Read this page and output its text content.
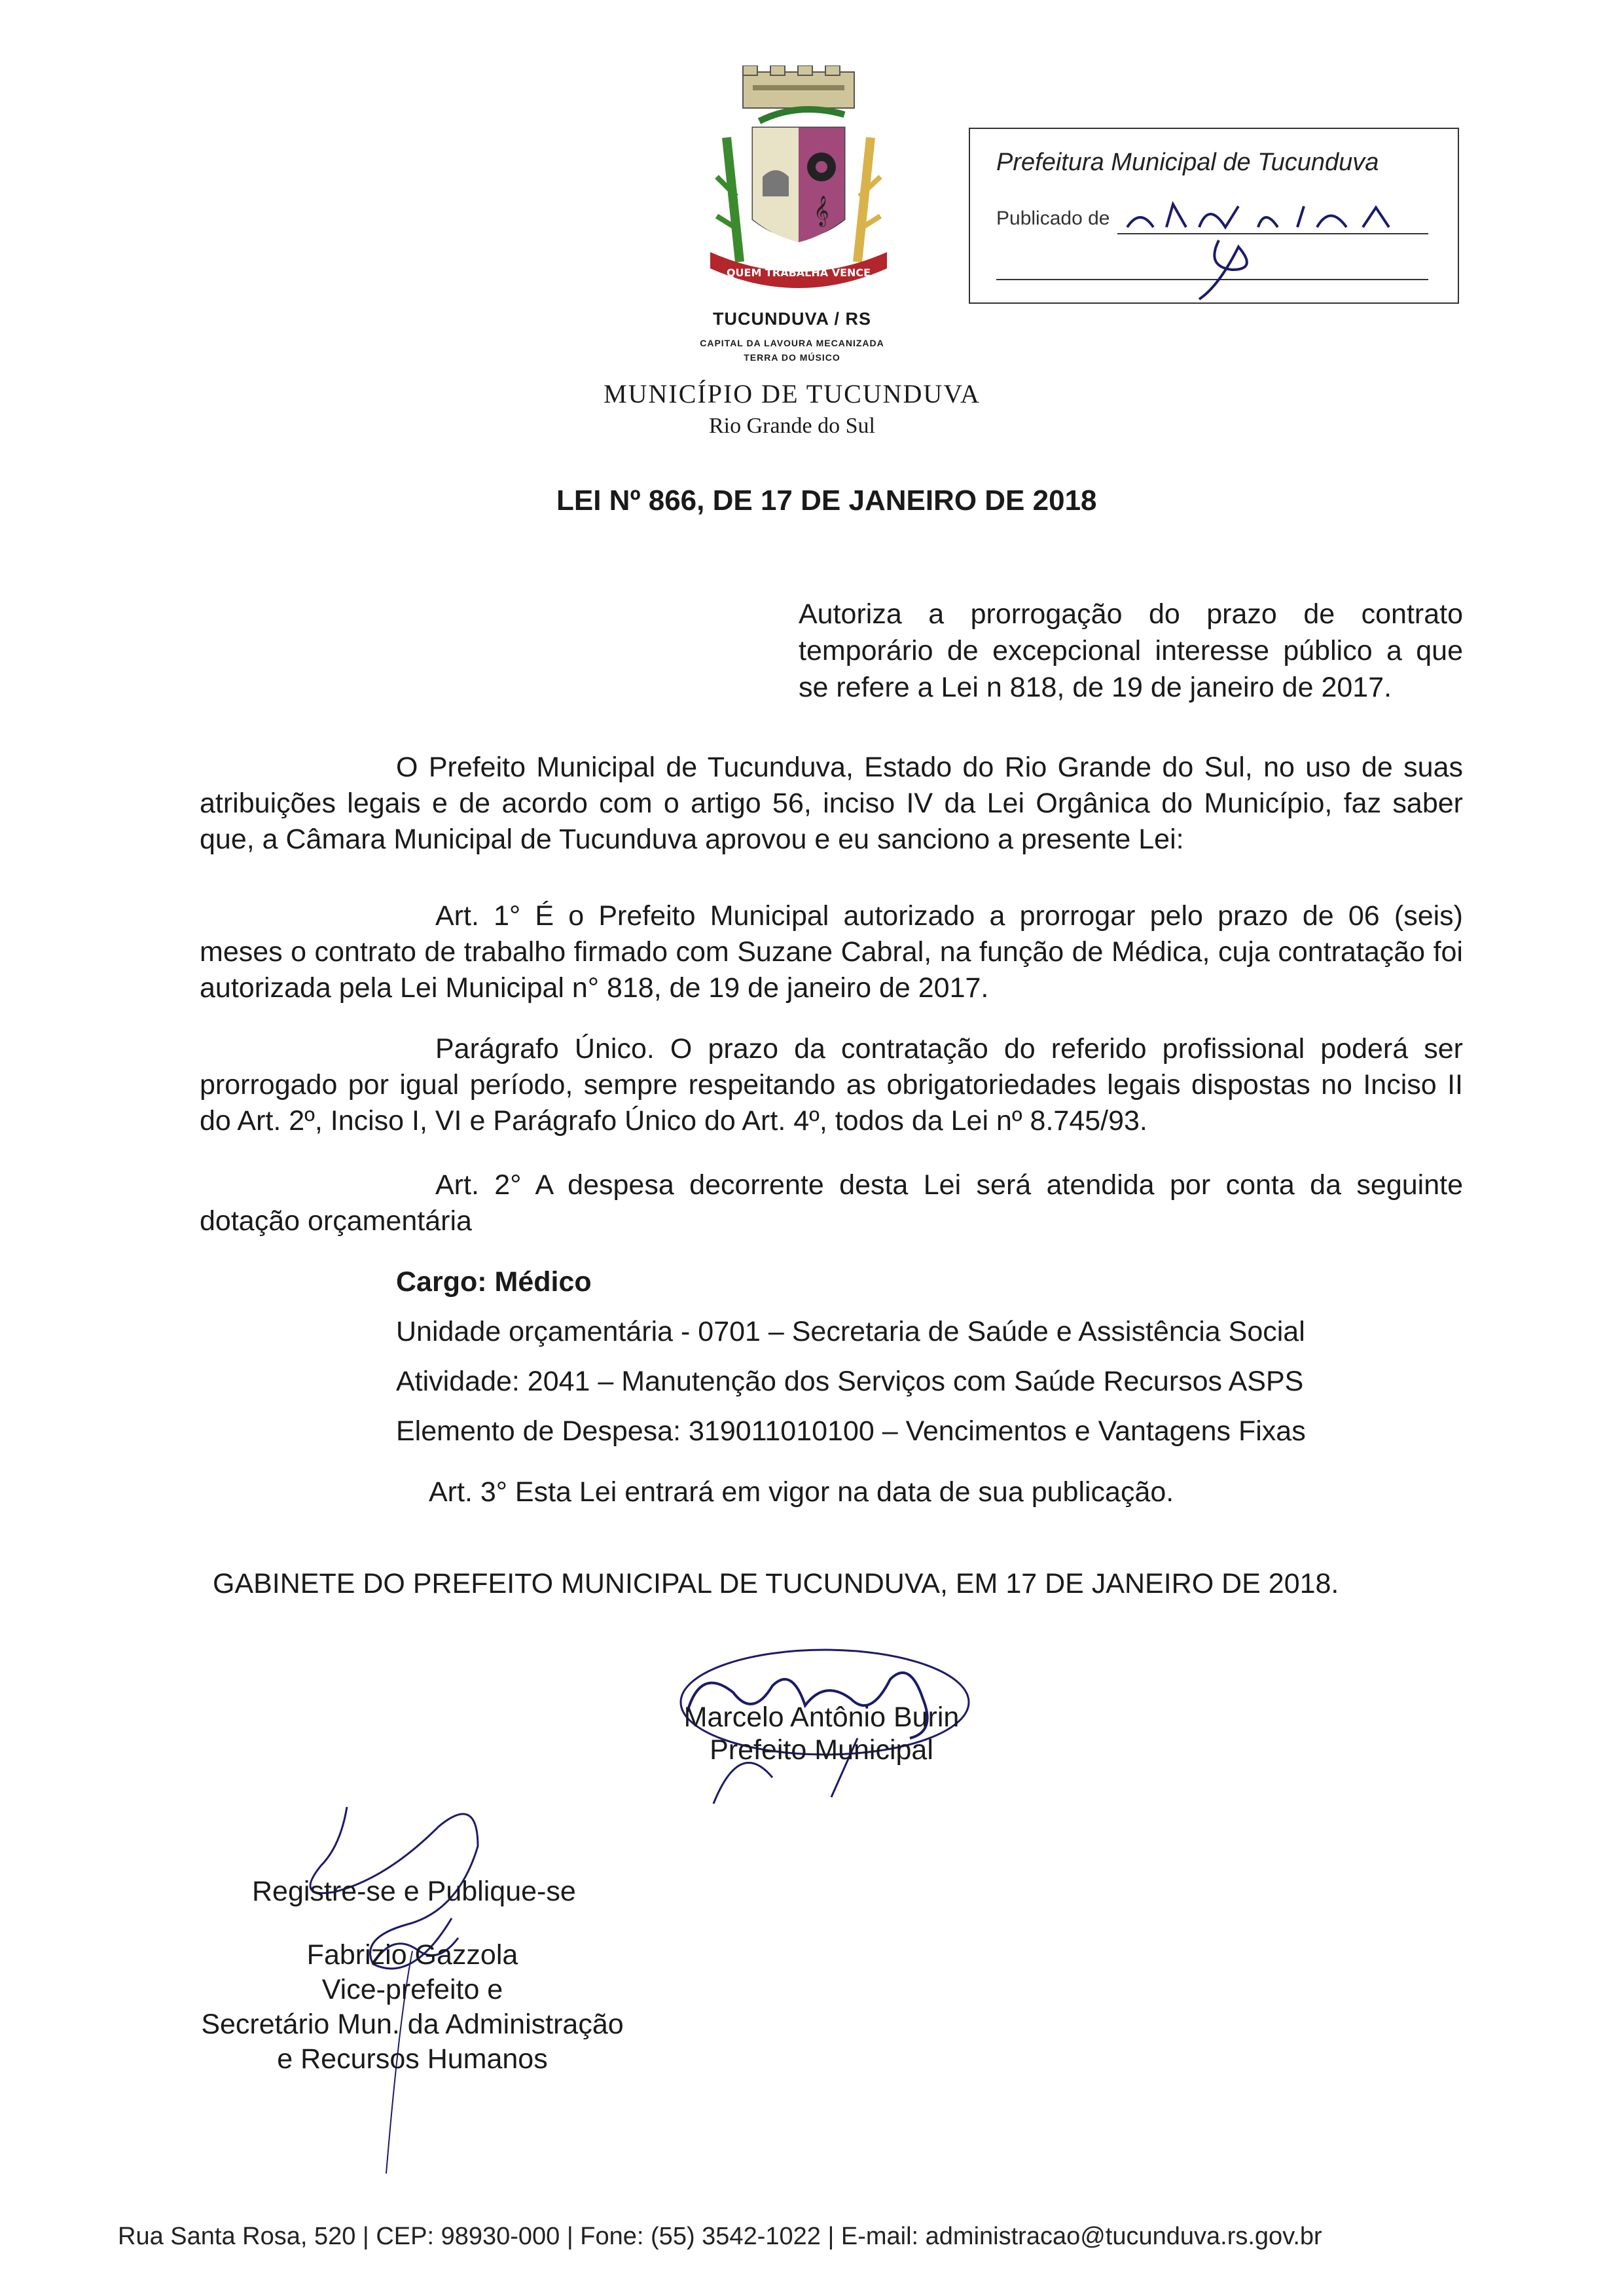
𝄞
QUEM TRABALHA VENCE
TUCUNDUVA / RS
CAPITAL DA LAVOURA MECANIZADA
TERRA DO MÚSICO
MUNICÍPIO DE TUCUNDUVA
Rio Grande do Sul
Prefeitura Municipal de Tucunduva
Publicado de
LEI Nº 866, DE 17 DE JANEIRO DE 2018
Autoriza a prorrogação do prazo de contrato temporário de excepcional interesse público a que se refere a Lei n 818, de 19 de janeiro de 2017.
O Prefeito Municipal de Tucunduva, Estado do Rio Grande do Sul, no uso de suas atribuições legais e de acordo com o artigo 56, inciso IV da Lei Orgânica do Município, faz saber que, a Câmara Municipal de Tucunduva aprovou e eu sanciono a presente Lei:
Art. 1° É o Prefeito Municipal autorizado a prorrogar pelo prazo de 06 (seis) meses o contrato de trabalho firmado com Suzane Cabral, na função de Médica, cuja contratação foi autorizada pela Lei Municipal n° 818, de 19 de janeiro de 2017.
Parágrafo Único. O prazo da contratação do referido profissional poderá ser prorrogado por igual período, sempre respeitando as obrigatoriedades legais dispostas no Inciso II do Art. 2º, Inciso I, VI e Parágrafo Único do Art. 4º, todos da Lei nº 8.745/93.
Art. 2° A despesa decorrente desta Lei será atendida por conta da seguinte dotação orçamentária
Cargo: Médico
Unidade orçamentária - 0701 – Secretaria de Saúde e Assistência Social
Atividade: 2041 – Manutenção dos Serviços com Saúde Recursos ASPS
Elemento de Despesa: 319011010100 – Vencimentos e Vantagens Fixas
Art. 3° Esta Lei entrará em vigor na data de sua publicação.
GABINETE DO PREFEITO MUNICIPAL DE TUCUNDUVA, EM 17 DE JANEIRO DE 2018.
Marcelo Antônio Burin
Prefeito Municipal
Registre-se e Publique-se
Fabrizio Gazzola
Vice-prefeito e
Secretário Mun. da Administração
e Recursos Humanos
Rua Santa Rosa, 520 | CEP: 98930-000 | Fone: (55) 3542-1022 | E-mail: administracao@tucunduva.rs.gov.br
